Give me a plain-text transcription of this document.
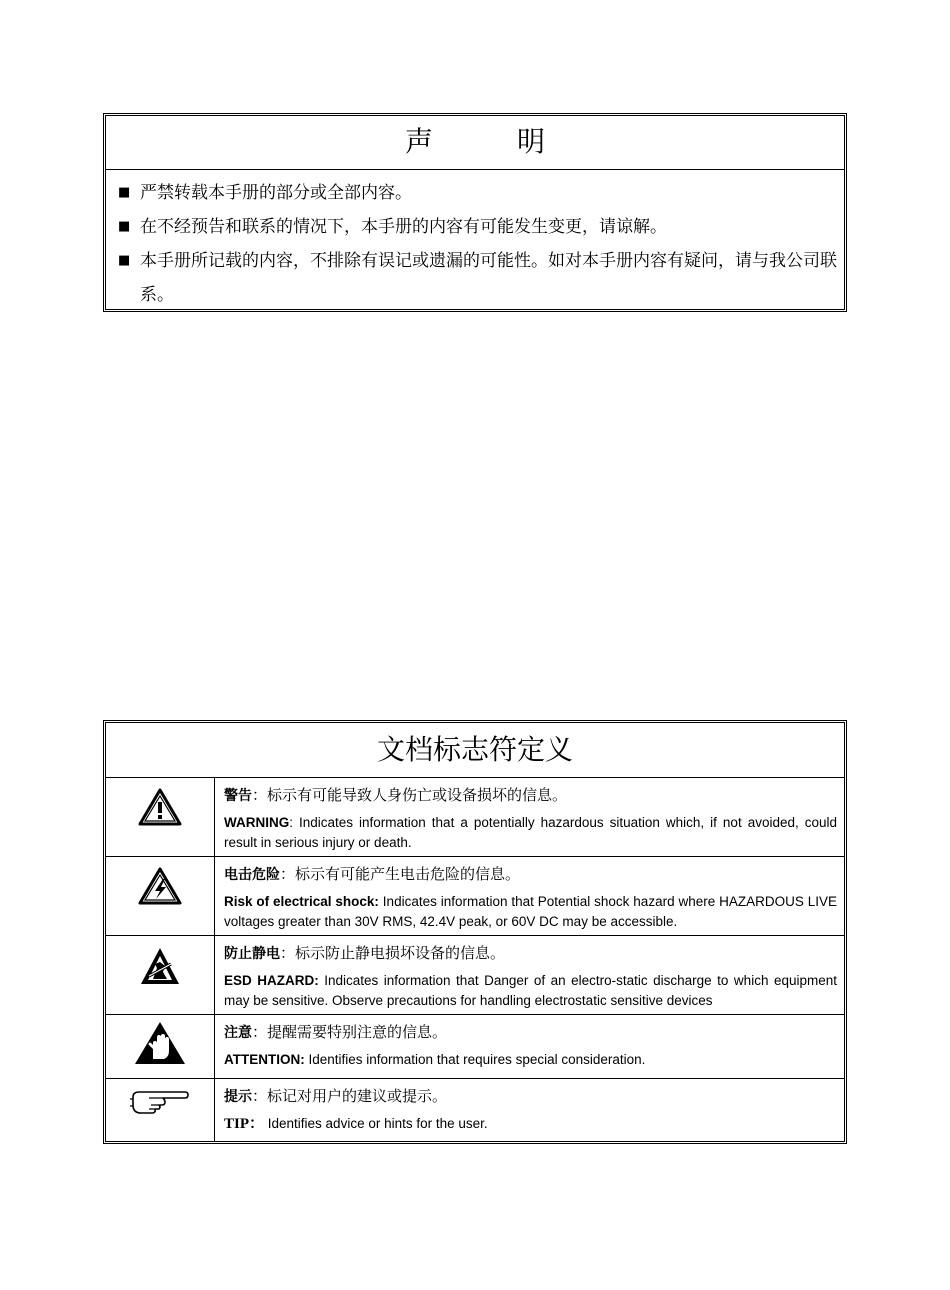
声　明
■ 严禁转载本手册的部分或全部内容。
■ 在不经预告和联系的情况下，本手册的内容有可能发生变更，请谅解。
■ 本手册所记载的内容，不排除有误记或遗漏的可能性。如对本手册内容有疑问，请与我公司联系。
文档标志符定义
警告：标示有可能导致人身伤亡或设备损坏的信息。
WARNING: Indicates information that a potentially hazardous situation which, if not avoided, could result in serious injury or death.
电击危险：标示有可能产生电击危险的信息。
Risk of electrical shock: Indicates information that Potential shock hazard where HAZARDOUS LIVE voltages greater than 30V RMS, 42.4V peak, or 60V DC may be accessible.
防止静电：标示防止静电损坏设备的信息。
ESD HAZARD: Indicates information that Danger of an electro-static discharge to which equipment may be sensitive. Observe precautions for handling electrostatic sensitive devices
注意：提醒需要特别注意的信息。
ATTENTION: Identifies information that requires special consideration.
提示：标记对用户的建议或提示。
TIP： Identifies advice or hints for the user.
